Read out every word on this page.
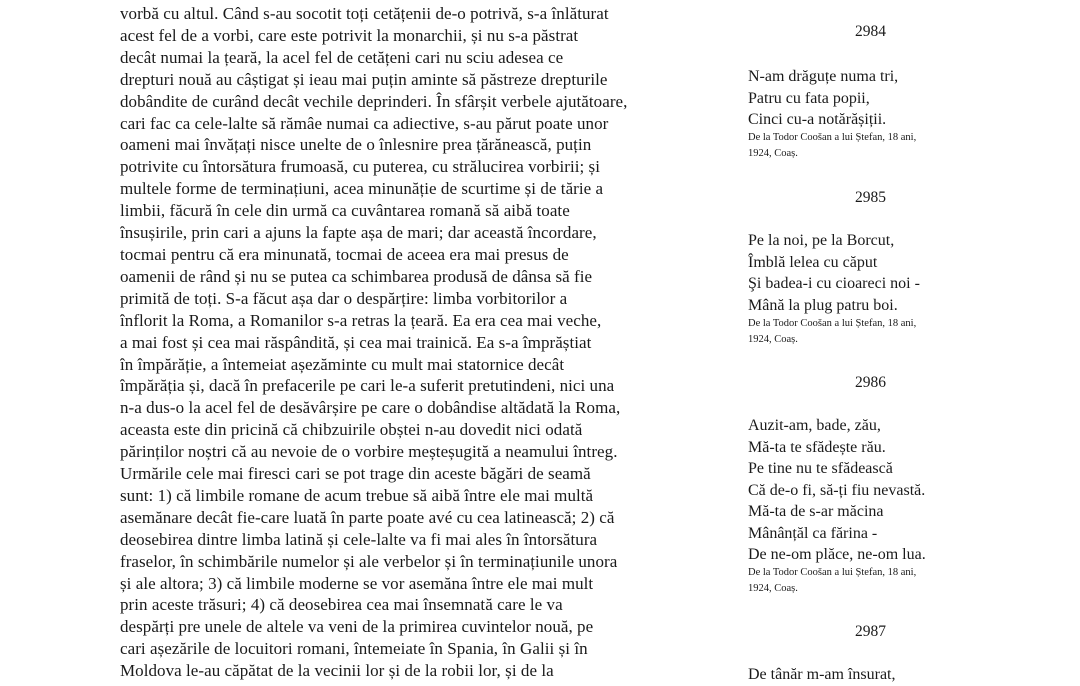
vorbă cu altul. Când s-au socotit toți cetățenii de-o potrivă, s-a înlăturat
acest fel de a vorbi, care este potrivit la monarchii, și nu s-a păstrat
decât numai la țeară, la acel fel de cetățeni cari nu sciu adesea ce
drepturi nouă au câștigat și ieau mai puțin aminte să păstreze drepturile
dobândite de curând decât vechile deprinderi. În sfârșit verbele ajutătoare,
cari fac ca cele-lalte să rămâe numai ca adiective, s-au părut poate unor
oameni mai învățați nisce unelte de o înlesnire prea țărănească, puțin
potrivite cu întorsătura frumoasă, cu puterea, cu strălucirea vorbirii; și
multele forme de terminațiuni, acea minunăție de scurtime și de tărie a
limbii, făcură în cele din urmă ca cuvântarea romană să aibă toate
însușirile, prin cari a ajuns la fapte așa de mari; dar această încordare,
tocmai pentru că era minunată, tocmai de aceea era mai presus de
oamenii de rând și nu se putea ca schimbarea produsă de dânsa să fie
primită de toți. S-a făcut așa dar o despărțire: limba vorbitorilor a
înflorit la Roma, a Romanilor s-a retras la țeară. Ea era cea mai veche,
a mai fost și cea mai răspândită, și cea mai trainică. Ea s-a împrăștiat
în împărăție, a întemeiat așezăminte cu mult mai statornice decât
împărăția și, dacă în prefacerile pe cari le-a suferit pretutindeni, nici una
n-a dus-o la acel fel de desăvârșire pe care o dobândise altădată la Roma,
aceasta este din pricină că chibzuirile obștei n-au dovedit nici odată
părinților noștri că au nevoie de o vorbire meșteșugită a neamului întreg.
Urmările cele mai firesci cari se pot trage din aceste băgări de seamă
sunt: 1) că limbile romane de acum trebue să aibă între ele mai multă
asemănare decât fie-care luată în parte poate avé cu cea latinească; 2) că
deosebirea dintre limba latină și cele-lalte va fi mai ales în întorsătura
fraselor, în schimbările numelor și ale verbelor și în terminațiunile unora
și ale altora; 3) că limbile moderne se vor asemăna între ele mai mult
prin aceste trăsuri; 4) că deosebirea cea mai însemnată care le va
despărți pre unele de altele va veni de la primirea cuvintelor nouă, pe
cari așezările de locuitori romani, întemeiate în Spania, în Galii și în
Moldova le-au căpătat de la vecinii lor și de la robii lor, și de la
2984
N-am drăguțe numa tri,
Patru cu fata popii,
Cinci cu-a notărășiții.
De la Todor Coošan a lui Ștefan, 18 ani,
1924, Coaș.
2985
Pe la noi, pe la Borcut,
Îmblă lelea cu căput
Şi badea-i cu cioareci noi -
Mână la plug patru boi.
De la Todor Coošan a lui Ștefan, 18 ani,
1924, Coaș.
2986
Auzit-am, bade, zău,
Mă-ta te sfădește rău.
Pe tine nu te sfădească
Că de-o fi, să-ți fiu nevastă.
Mă-ta de s-ar măcina
Mânânțăl ca fărina -
De ne-om plăce, ne-om lua.
De la Todor Coošan a lui Ștefan, 18 ani,
1924, Coaș.
2987
De tânăr m-am însurat,
